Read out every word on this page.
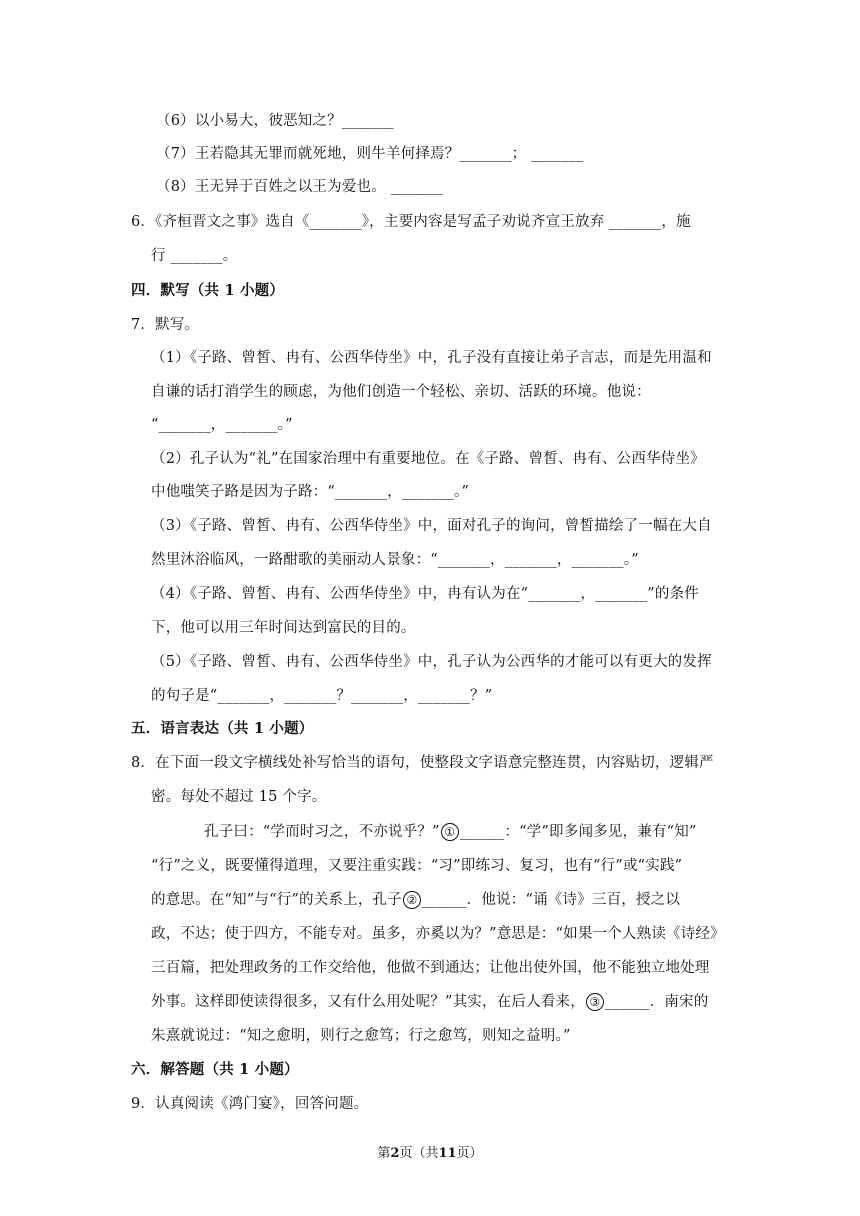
（6）以小易大，彼恶知之？_______
（7）王若隐其无罪而就死地，则牛羊何择焉？_______； _______
（8）王无异于百姓之以王为爱也。 _______
6．《齐桓晋文之事》选自《_______》，主要内容是写孟子劝说齐宣王放弃 _______，施
行 _______。
四．默写（共 1 小题）
7．默写。
（1）《子路、曾皙、冉有、公西华侍坐》中，孔子没有直接让弟子言志，而是先用温和
自谦的话打消学生的顾虑，为他们创造一个轻松、亲切、活跃的环境。他说：
“_______，_______。”
（2）孔子认为“礼”在国家治理中有重要地位。在《子路、曾皙、冉有、公西华侍坐》
中他嗤笑子路是因为子路：“_______，_______。”
（3）《子路、曾皙、冉有、公西华侍坐》中，面对孔子的询问，曾皙描绘了一幅在大自
然里沐浴临风，一路酣歌的美丽动人景象：“_______，_______，_______。”
（4）《子路、曾皙、冉有、公西华侍坐》中，冉有认为在“_______，_______”的条件
下，他可以用三年时间达到富民的目的。
（5）《子路、曾皙、冉有、公西华侍坐》中，孔子认为公西华的才能可以有更大的发挥
的句子是“_______，_______？_______，_______？”
五．语言表达（共 1 小题）
8．在下面一段文字横线处补写恰当的语句，使整段文字语意完整连贯，内容贴切，逻辑严
密。每处不超过 15 个字。
孔子曰：“学而时习之，不亦说乎？” ① ______：“学”即多闻多见，兼有“知”
“行”之义，既要懂得道理，又要注重实践：“习”即练习、复习，也有“行”或“实践”
的意思。在“知”与“行”的关系上，孔子 ② ______．他说：“诵《诗》三百，授之以
政，不达；使于四方，不能专对。虽多，亦奚以为？”意思是：“如果一个人熟读《诗经》
三百篇，把处理政务的工作交给他，他做不到通达；让他出使外国，他不能独立地处理
外事。这样即使读得很多，又有什么用处呢？”其实，在后人看来， ③ ______．南宋的
朱熹就说过：“知之愈明，则行之愈笃；行之愈笃，则知之益明。”
六．解答题（共 1 小题）
9．认真阅读《鸿门宴》，回答问题。
第2页（共11页）
